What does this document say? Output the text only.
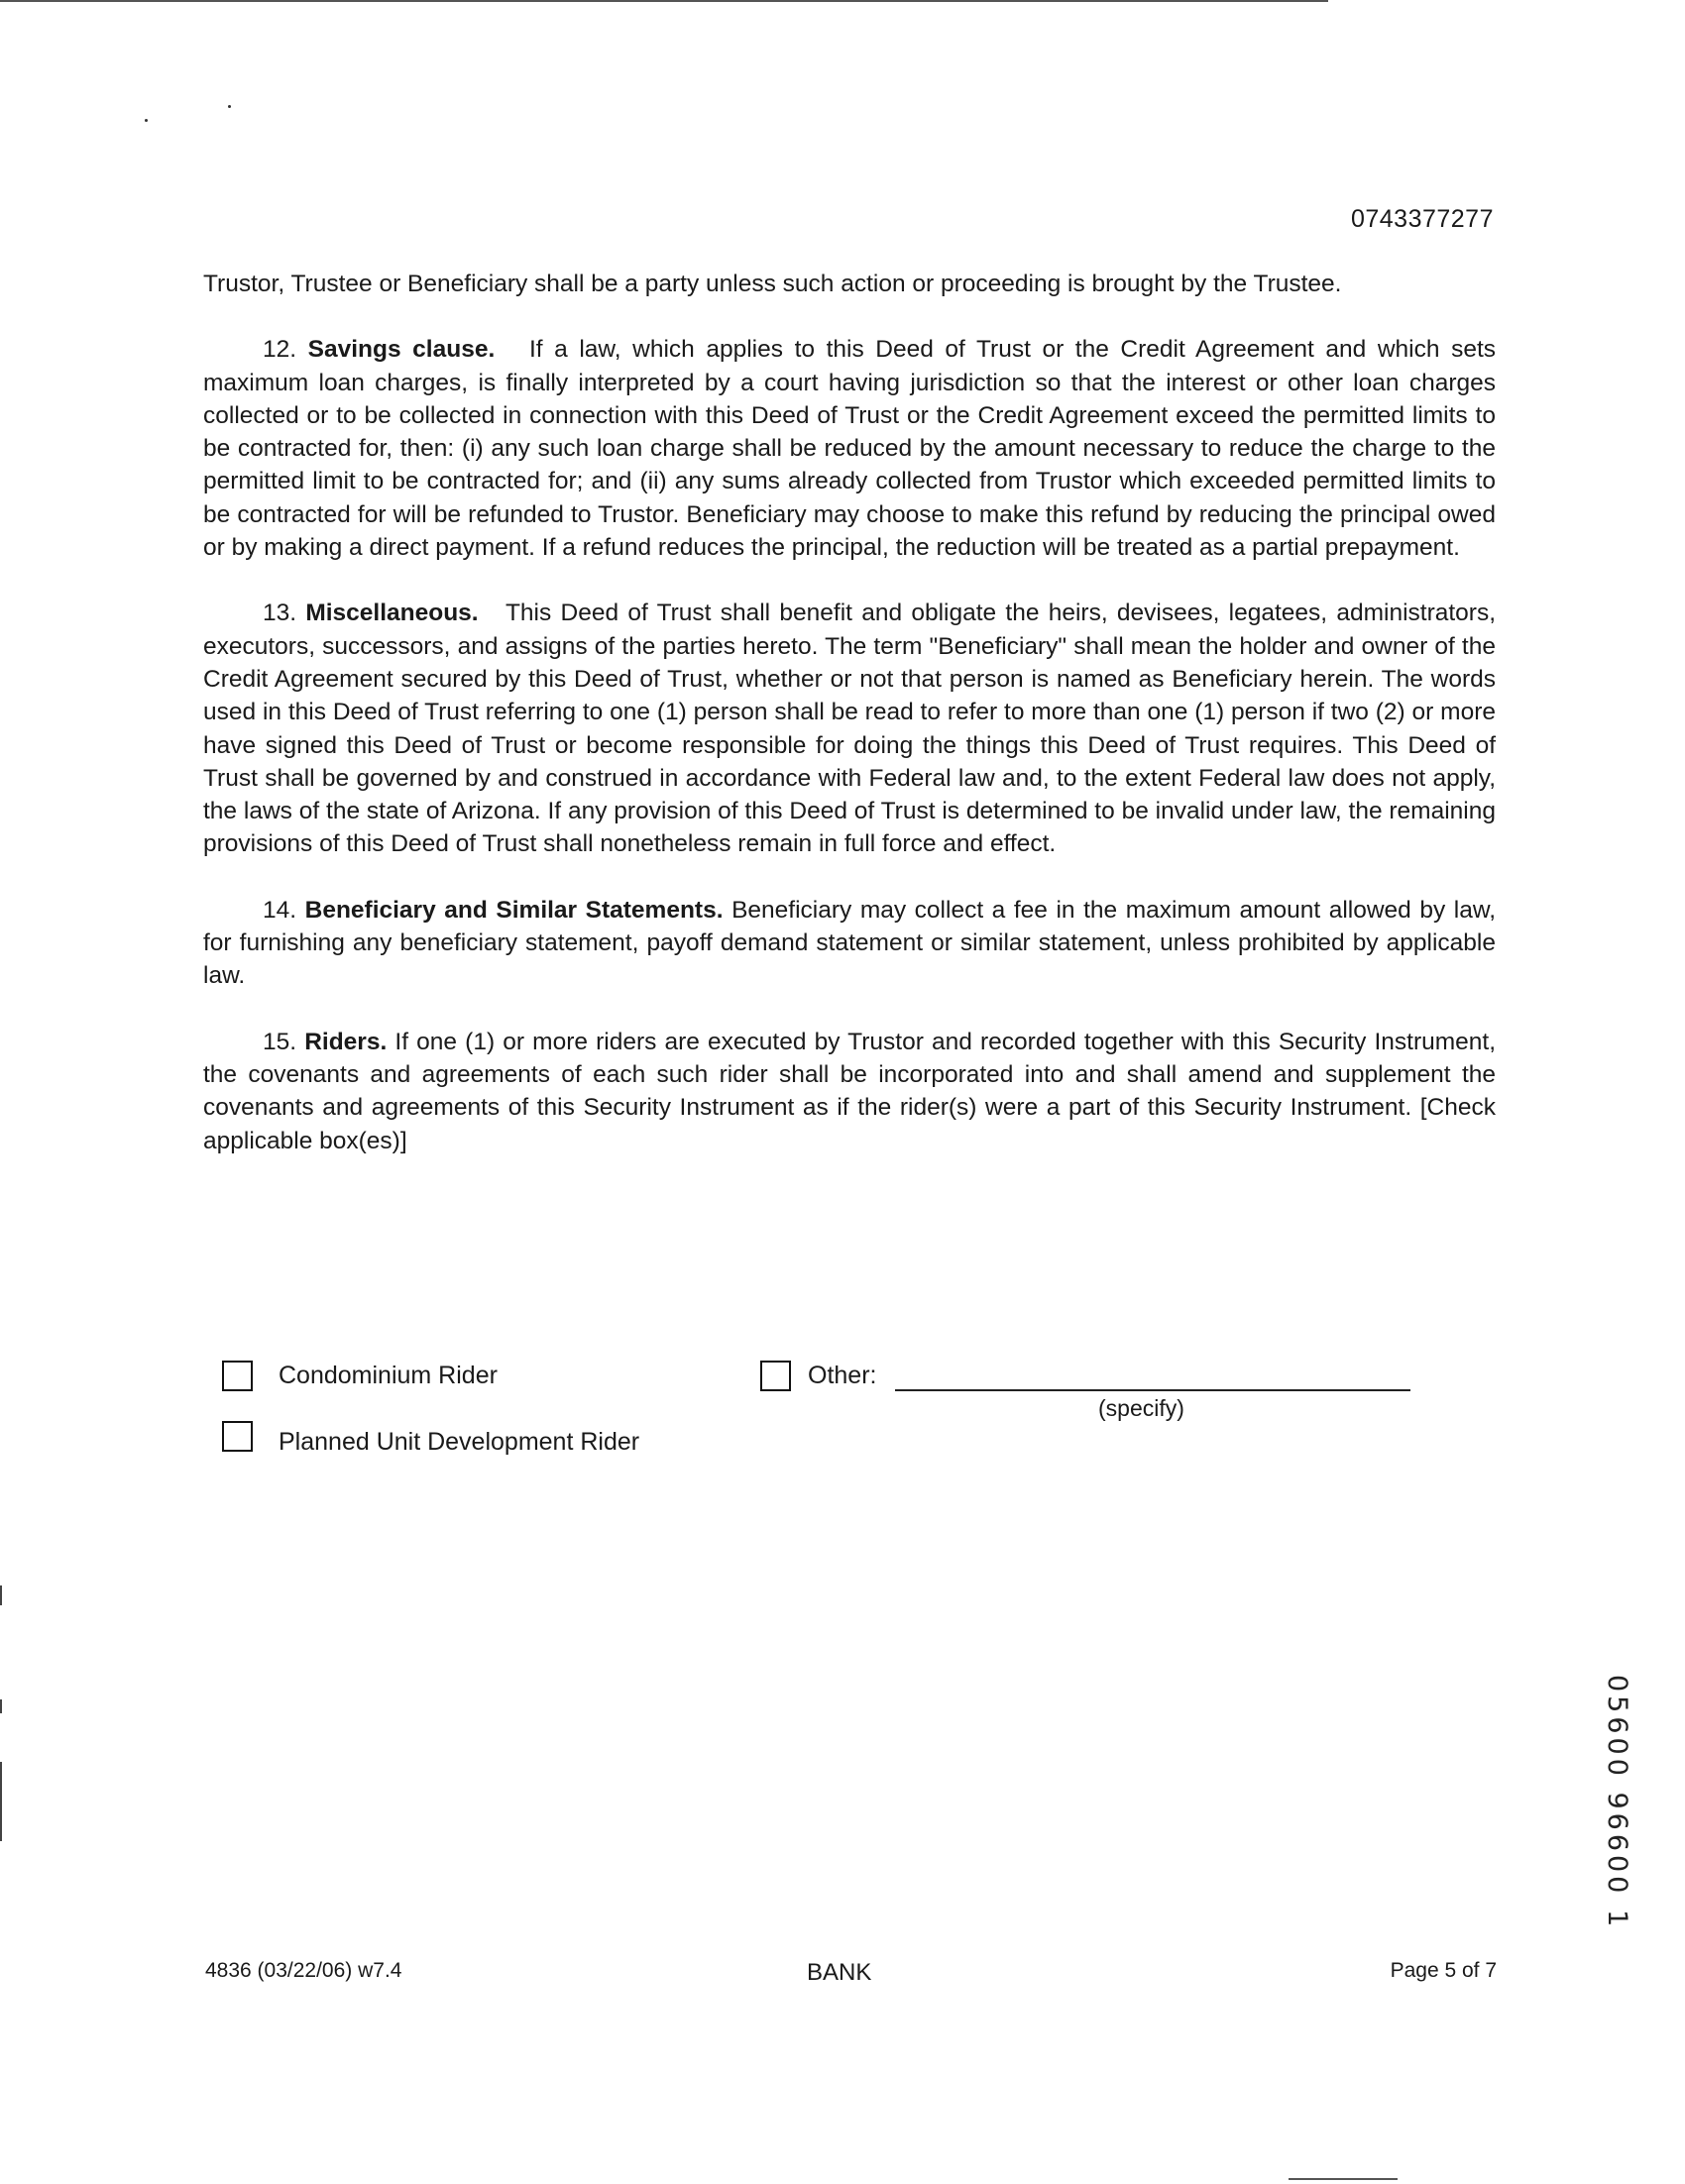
0743377277

Trustor, Trustee or Beneficiary shall be a party unless such action or proceeding is brought by the Trustee.

12. Savings clause. If a law, which applies to this Deed of Trust or the Credit Agreement and which sets maximum loan charges, is finally interpreted by a court having jurisdiction so that the interest or other loan charges collected or to be collected in connection with this Deed of Trust or the Credit Agreement exceed the permitted limits to be contracted for, then: (i) any such loan charge shall be reduced by the amount necessary to reduce the charge to the permitted limit to be contracted for; and (ii) any sums already collected from Trustor which exceeded permitted limits to be contracted for will be refunded to Trustor. Beneficiary may choose to make this refund by reducing the principal owed or by making a direct payment. If a refund reduces the principal, the reduction will be treated as a partial prepayment.

13. Miscellaneous. This Deed of Trust shall benefit and obligate the heirs, devisees, legatees, administrators, executors, successors, and assigns of the parties hereto. The term "Beneficiary" shall mean the holder and owner of the Credit Agreement secured by this Deed of Trust, whether or not that person is named as Beneficiary herein. The words used in this Deed of Trust referring to one (1) person shall be read to refer to more than one (1) person if two (2) or more have signed this Deed of Trust or become responsible for doing the things this Deed of Trust requires. This Deed of Trust shall be governed by and construed in accordance with Federal law and, to the extent Federal law does not apply, the laws of the state of Arizona. If any provision of this Deed of Trust is determined to be invalid under law, the remaining provisions of this Deed of Trust shall nonetheless remain in full force and effect.

14. Beneficiary and Similar Statements. Beneficiary may collect a fee in the maximum amount allowed by law, for furnishing any beneficiary statement, payoff demand statement or similar statement, unless prohibited by applicable law.

15. Riders. If one (1) or more riders are executed by Trustor and recorded together with this Security Instrument, the covenants and agreements of each such rider shall be incorporated into and shall amend and supplement the covenants and agreements of this Security Instrument as if the rider(s) were a part of this Security Instrument. [Check applicable box(es)]

Condominium Rider	Other:
(specify)
Planned Unit Development Rider
05600 96600 1
4836 (03/22/06) w7.4	BANK	Page 5 of 7
